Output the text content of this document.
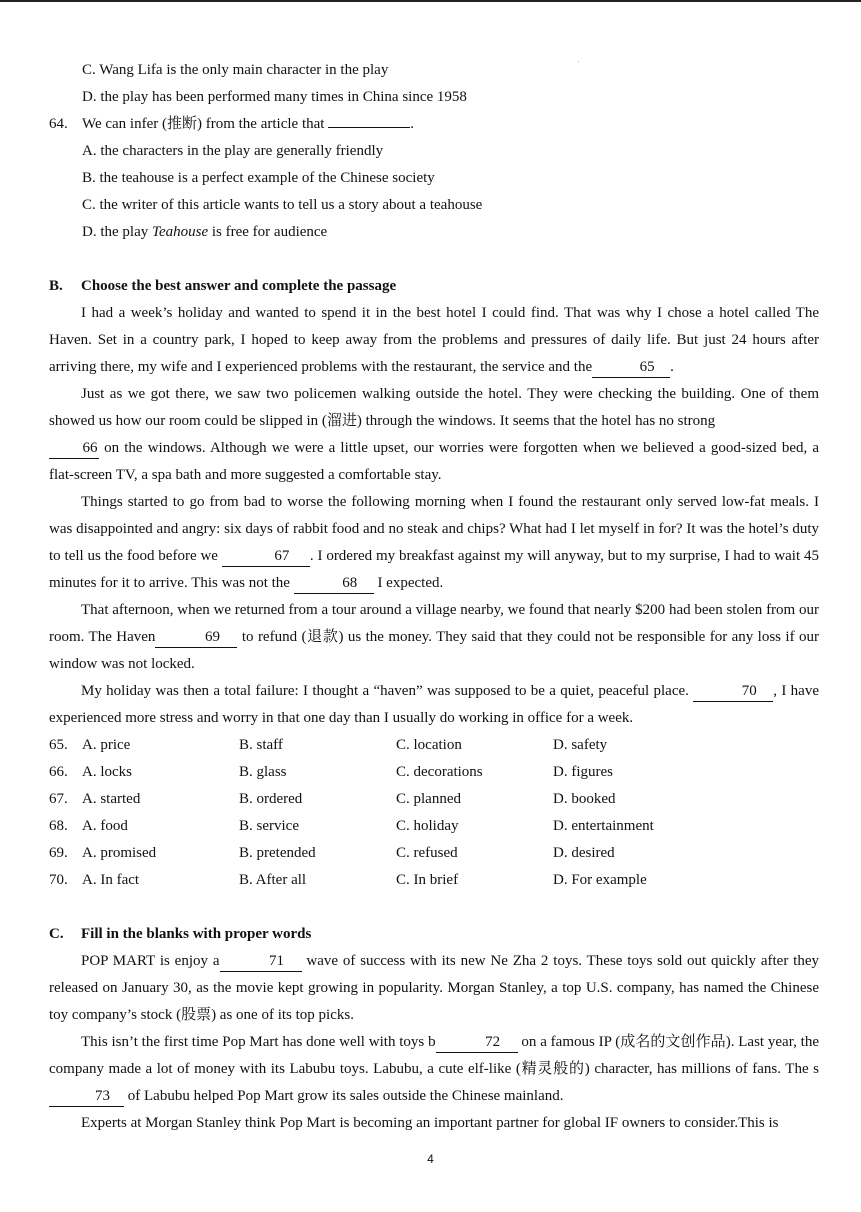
ˈ
C. Wang Lifa is the only main character in the play
D. the play has been performed many times in China since 1958
64. We can infer (推断) from the article that	.
A. the characters in the play are generally friendly
B. the teahouse is a perfect example of the Chinese society
C. the writer of this article wants to tell us a story about a teahouse
D. the play Teahouse is free for audience
B. Choose the best answer and complete the passage

I had a week’s holiday and wanted to spend it in the best hotel I could find. That was why I chose a hotel called The Haven. Set in a country park, I hoped to keep away from the problems and pressures of daily life. But just 24 hours after arriving there, my wife and I experienced problems with the restaurant, the service and the	65 .

Just as we got there, we saw two policemen walking outside the hotel. They were checking the building. One of them showed us how our room could be slipped in (溜进) through the windows. It seems that the hotel has no strong
66 on the windows. Although we were a little upset, our worries were forgotten when we believed a good-sized bed, a flat-screen TV, a spa bath and more suggested a comfortable stay.

Things started to go from bad to worse the following morning when I found the restaurant only served low-fat meals. I was disappointed and angry: six days of rabbit food and no steak and chips? What had I let myself in for? It was the hotel’s duty to tell us the food before we	67 . I ordered my breakfast against my will anyway, but to my surprise, I had to wait 45 minutes for it to arrive. This was not the	68 I expected.

That afternoon, when we returned from a tour around a village nearby, we found that nearly $200 had been stolen from our room. The Haven	69 to refund (退款) us the money. They said that they could not be responsible for any loss if our window was not locked.

My holiday was then a total failure: I thought a “haven” was supposed to be a quiet, peaceful place.	70 , I have experienced more stress and worry in that one day than I usually do working in office for a week.

65. A. price	B. staff	C. location	D. safety
66. A. locks	B. glass	C. decorations	D. figures
67. A. started	B. ordered	C. planned	D. booked
68. A. food	B. service	C. holiday	D. entertainment
69. A. promised	B. pretended	C. refused	D. desired
70. A. In fact	B. After all	C. In brief	D. For example
C. Fill in the blanks with proper words

POP MART is enjoy a	71 wave of success with its new Ne Zha 2 toys. These toys sold out quickly after they released on January 30, as the movie kept growing in popularity. Morgan Stanley, a top U.S. company, has named the Chinese toy company’s stock (股票) as one of its top picks.

This isn’t the first time Pop Mart has done well with toys b	72 on a famous IP (成名的文创作品). Last year, the company made a lot of money with its Labubu toys. Labubu, a cute elf-like (精灵般的) character, has millions of fans. The s73 of Labubu helped Pop Mart grow its sales outside the Chinese mainland.

Experts at Morgan Stanley think Pop Mart is becoming an important partner for global IF owners to consider.This is

4
